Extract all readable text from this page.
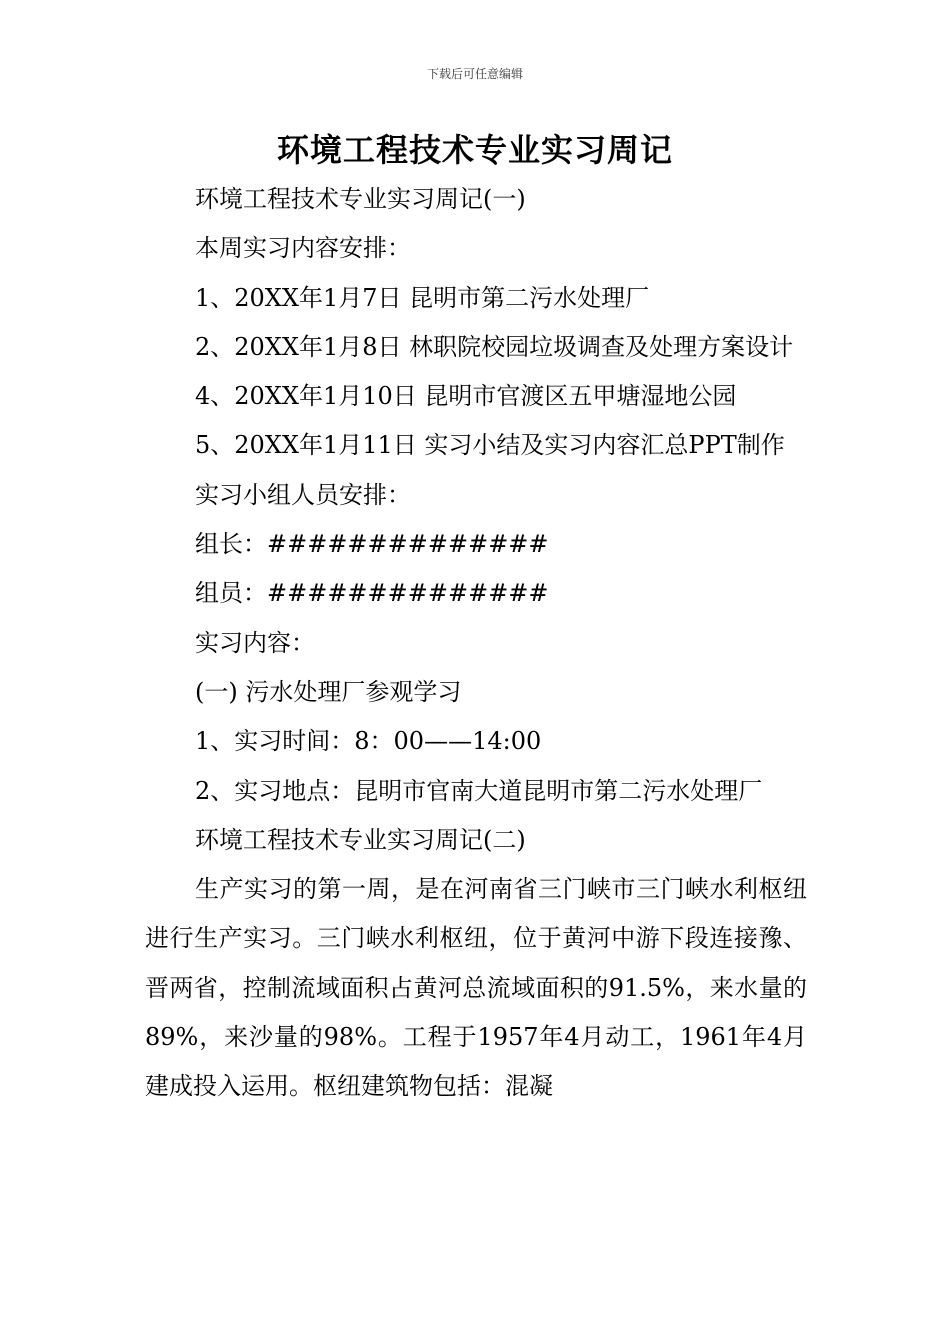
下载后可任意编辑
环境工程技术专业实习周记

环境工程技术专业实习周记(一)

本周实习内容安排：

1、20XX年1月7日 昆明市第二污水处理厂

2、20XX年1月8日 林职院校园垃圾调查及处理方案设计

4、20XX年1月10日 昆明市官渡区五甲塘湿地公园

5、20XX年1月11日 实习小结及实习内容汇总PPT制作

实习小组人员安排：

组长：##############

组员：##############

实习内容：

(一) 污水处理厂参观学习

1、实习时间：8：00——14:00

2、实习地点：昆明市官南大道昆明市第二污水处理厂

环境工程技术专业实习周记(二)

生产实习的第一周，是在河南省三门峡市三门峡水利枢纽进行生产实习。三门峡水利枢纽，位于黄河中游下段连接豫、晋两省，控制流域面积占黄河总流域面积的91.5%，来水量的89%，来沙量的98%。工程于1957年4月动工，1961年4月建成投入运用。枢纽建筑物包括：混凝
